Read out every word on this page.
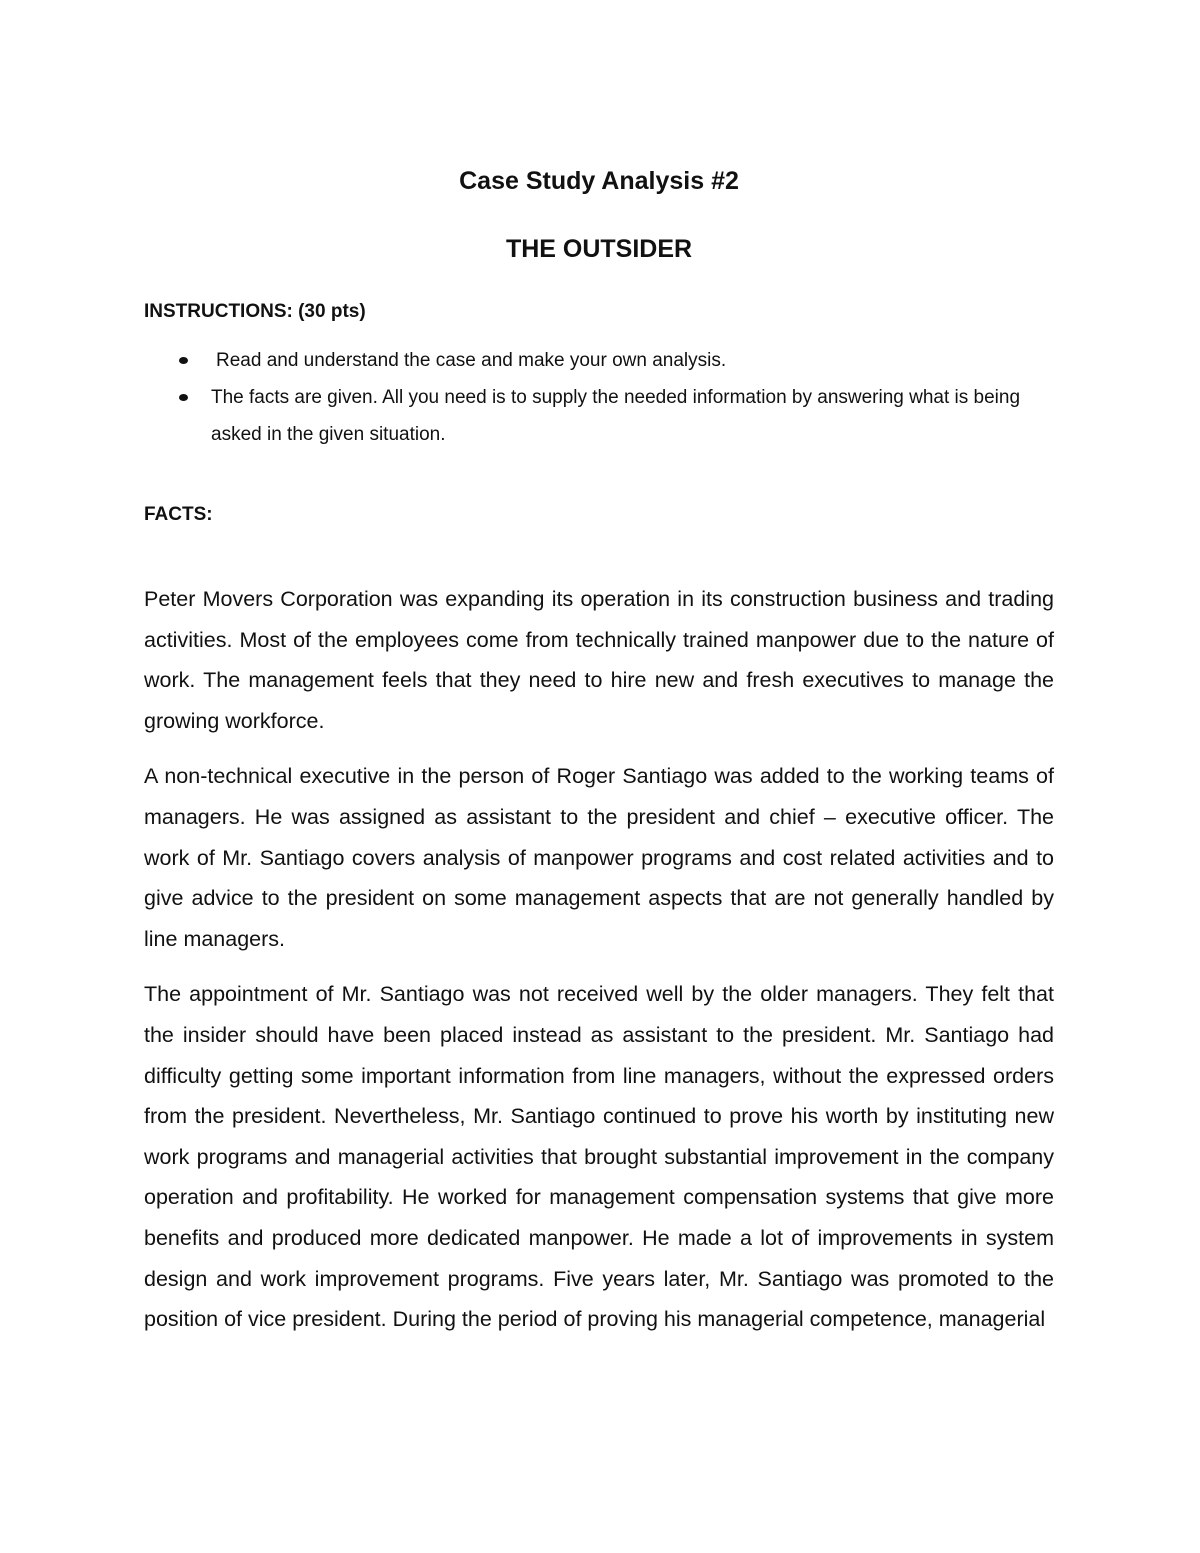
Case Study Analysis #2
THE OUTSIDER

INSTRUCTIONS: (30 pts)

Read and understand the case and make your own analysis.
The facts are given. All you need is to supply the needed information by answering what is being asked in the given situation.

FACTS:

Peter Movers Corporation was expanding its operation in its construction business and trading activities. Most of the employees come from technically trained manpower due to the nature of work. The management feels that they need to hire new and fresh executives to manage the growing workforce.

A non-technical executive in the person of Roger Santiago was added to the working teams of managers. He was assigned as assistant to the president and chief – executive officer. The work of Mr. Santiago covers analysis of manpower programs and cost related activities and to give advice to the president on some management aspects that are not generally handled by line managers.

The appointment of Mr. Santiago was not received well by the older managers. They felt that the insider should have been placed instead as assistant to the president. Mr. Santiago had difficulty getting some important information from line managers, without the expressed orders from the president. Nevertheless, Mr. Santiago continued to prove his worth by instituting new work programs and managerial activities that brought substantial improvement in the company operation and profitability. He worked for management compensation systems that give more benefits and produced more dedicated manpower. He made a lot of improvements in system design and work improvement programs. Five years later, Mr. Santiago was promoted to the position of vice president. During the period of proving his managerial competence, managerial
